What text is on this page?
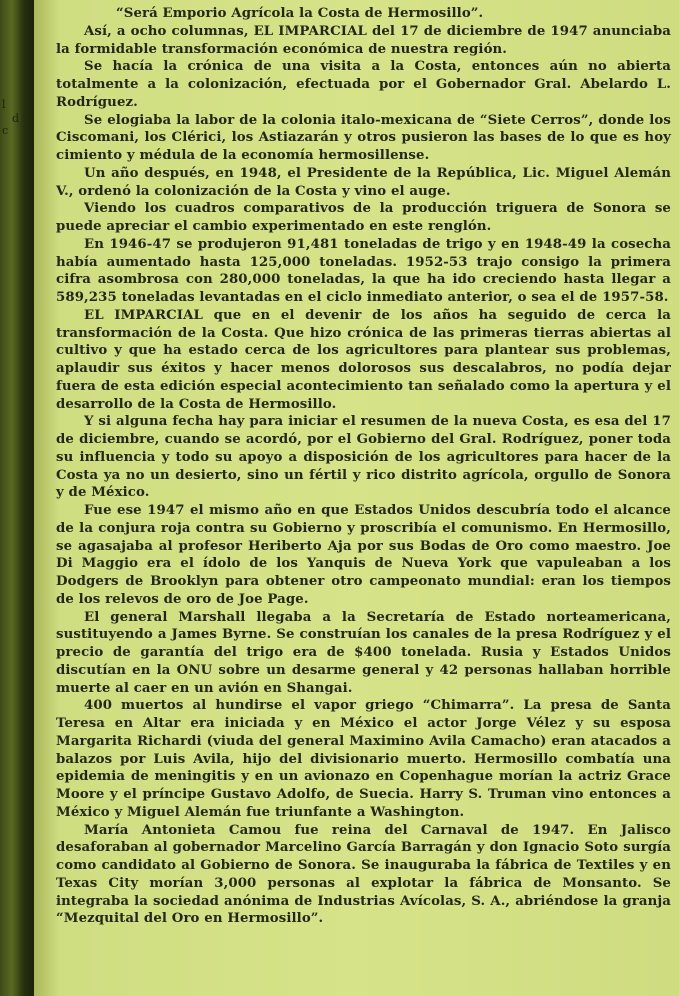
l
d
c

“Será Emporio Agrícola la Costa de Hermosillo”.

Así, a ocho columnas, EL IMPARCIAL del 17 de diciembre de 1947 anunciaba la formidable transformación económica de nuestra región.

Se hacía la crónica de una visita a la Costa, entonces aún no abierta totalmente a la colonización, efectuada por el Gobernador Gral. Abelardo L. Rodríguez.

Se elogiaba la labor de la colonia italo-mexicana de “Siete Cerros”, donde los Ciscomani, los Clérici, los Astiazarán y otros pusieron las bases de lo que es hoy cimiento y médula de la economía hermosillense.

Un año después, en 1948, el Presidente de la República, Lic. Miguel Alemán V., ordenó la colonización de la Costa y vino el auge.

Viendo los cuadros comparativos de la producción triguera de Sonora se puede apreciar el cambio experimentado en este renglón.

En 1946-47 se produjeron 91,481 toneladas de trigo y en 1948-49 la cosecha había aumentado hasta 125,000 toneladas. 1952-53 trajo consigo la primera cifra asombrosa con 280,000 toneladas, la que ha ido creciendo hasta llegar a 589,235 toneladas levantadas en el ciclo inmediato anterior, o sea el de 1957-58.

EL IMPARCIAL que en el devenir de los años ha seguido de cerca la transformación de la Costa. Que hizo crónica de las primeras tierras abiertas al cultivo y que ha estado cerca de los agricultores para plantear sus problemas, aplaudir sus éxitos y hacer menos dolorosos sus descalabros, no podía dejar fuera de esta edición especial acontecimiento tan señalado como la apertura y el desarrollo de la Costa de Hermosillo.

Y si alguna fecha hay para iniciar el resumen de la nueva Costa, es esa del 17 de diciembre, cuando se acordó, por el Gobierno del Gral. Rodríguez, poner toda su influencia y todo su apoyo a disposición de los agricultores para hacer de la Costa ya no un desierto, sino un fértil y rico distrito agrícola, orgullo de Sonora y de México.

Fue ese 1947 el mismo año en que Estados Unidos descubría todo el alcance de la conjura roja contra su Gobierno y proscribía el comunismo. En Hermosillo, se agasajaba al profesor Heriberto Aja por sus Bodas de Oro como maestro. Joe Di Maggio era el ídolo de los Yanquis de Nueva York que vapuleaban a los Dodgers de Brooklyn para obtener otro campeonato mundial: eran los tiempos de los relevos de oro de Joe Page.

El general Marshall llegaba a la Secretaría de Estado norteamericana, sustituyendo a James Byrne. Se construían los canales de la presa Rodríguez y el precio de garantía del trigo era de $400 tonelada. Rusia y Estados Unidos discutían en la ONU sobre un desarme general y 42 personas hallaban horrible muerte al caer en un avión en Shangai.

400 muertos al hundirse el vapor griego “Chimarra”. La presa de Santa Teresa en Altar era iniciada y en México el actor Jorge Vélez y su esposa Margarita Richardi (viuda del general Maximino Avila Camacho) eran atacados a balazos por Luis Avila, hijo del divisionario muerto. Hermosillo combatía una epidemia de meningitis y en un avionazo en Copenhague morían la actriz Grace Moore y el príncipe Gustavo Adolfo, de Suecia. Harry S. Truman vino entonces a México y Miguel Alemán fue triunfante a Washington.

María Antonieta Camou fue reina del Carnaval de 1947. En Jalisco desaforaban al gobernador Marcelino García Barragán y don Ignacio Soto surgía como candidato al Gobierno de Sonora. Se inauguraba la fábrica de Textiles y en Texas City morían 3,000 personas al explotar la fábrica de Monsanto. Se integraba la sociedad anónima de Industrias Avícolas, S. A., abriéndose la granja “Mezquital del Oro en Hermosillo”.
